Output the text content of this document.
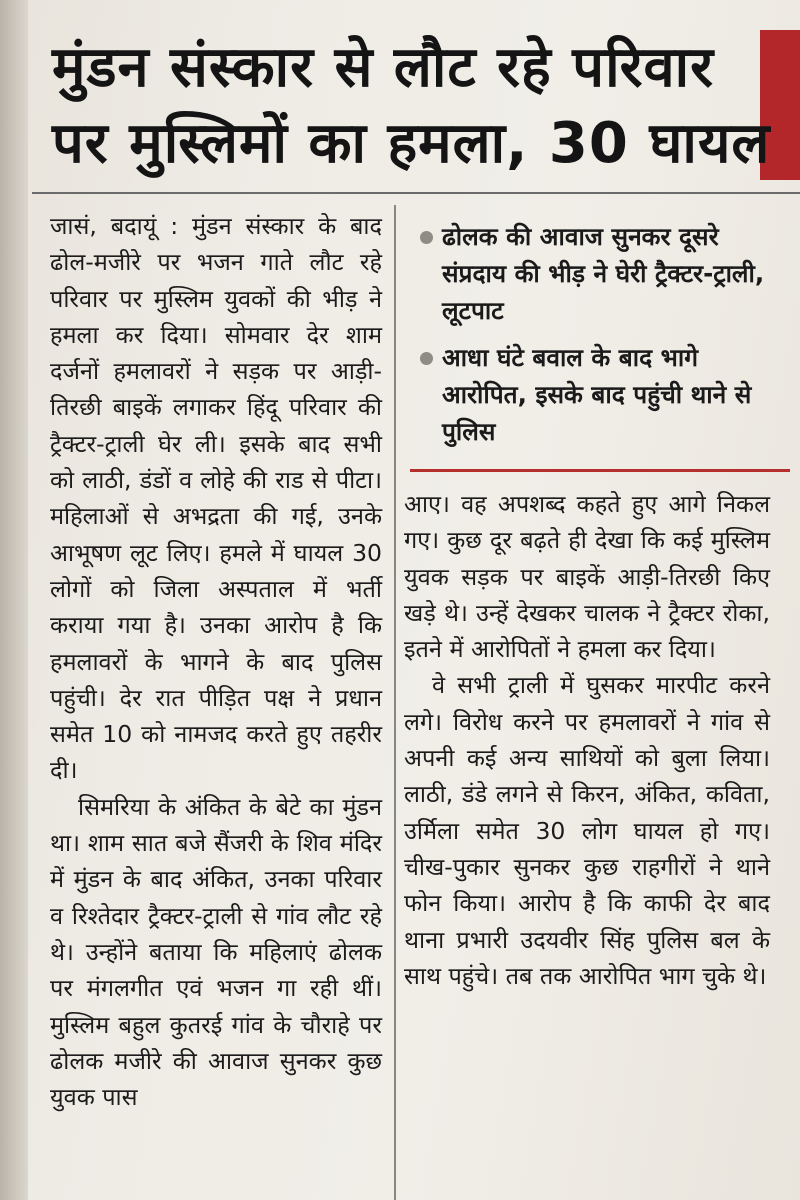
मुंडन संस्कार से लौट रहे परिवार
पर मुस्लिमों का हमला, 30 घायल

जासं, बदायूं : मुंडन संस्कार के बाद ढोल-मजीरे पर भजन गाते लौट रहे परिवार पर मुस्लिम युवकों की भीड़ ने हमला कर दिया। सोमवार देर शाम दर्जनों हमलावरों ने सड़क पर आड़ी-तिरछी बाइकें लगाकर हिंदू परिवार की ट्रैक्टर-ट्राली घेर ली। इसके बाद सभी को लाठी, डंडों व लोहे की राड से पीटा। महिलाओं से अभद्रता की गई, उनके आभूषण लूट लिए। हमले में घायल 30 लोगों को जिला अस्पताल में भर्ती कराया गया है। उनका आरोप है कि हमलावरों के भागने के बाद पुलिस पहुंची। देर रात पीड़ित पक्ष ने प्रधान समेत 10 को नामजद करते हुए तहरीर दी।

सिमरिया के अंकित के बेटे का मुंडन था। शाम सात बजे सैंजरी के शिव मंदिर में मुंडन के बाद अंकित, उनका परिवार व रिश्तेदार ट्रैक्टर-ट्राली से गांव लौट रहे थे। उन्होंने बताया कि महिलाएं ढोलक पर मंगलगीत एवं भजन गा रही थीं। मुस्लिम बहुल कुतरई गांव के चौराहे पर ढोलक मजीरे की आवाज सुनकर कुछ युवक पास

ढोलक की आवाज सुनकर दूसरे संप्रदाय की भीड़ ने घेरी ट्रैक्टर-ट्राली, लूटपाट
आधा घंटे बवाल के बाद भागे आरोपित, इसके बाद पहुंची थाने से पुलिस

आए। वह अपशब्द कहते हुए आगे निकल गए। कुछ दूर बढ़ते ही देखा कि कई मुस्लिम युवक सड़क पर बाइकें आड़ी-तिरछी किए खड़े थे। उन्हें देखकर चालक ने ट्रैक्टर रोका, इतने में आरोपितों ने हमला कर दिया।

वे सभी ट्राली में घुसकर मारपीट करने लगे। विरोध करने पर हमलावरों ने गांव से अपनी कई अन्य साथियों को बुला लिया। लाठी, डंडे लगने से किरन, अंकित, कविता, उर्मिला समेत 30 लोग घायल हो गए। चीख-पुकार सुनकर कुछ राहगीरों ने थाने फोन किया। आरोप है कि काफी देर बाद थाना प्रभारी उदयवीर सिंह पुलिस बल के साथ पहुंचे। तब तक आरोपित भाग चुके थे।
